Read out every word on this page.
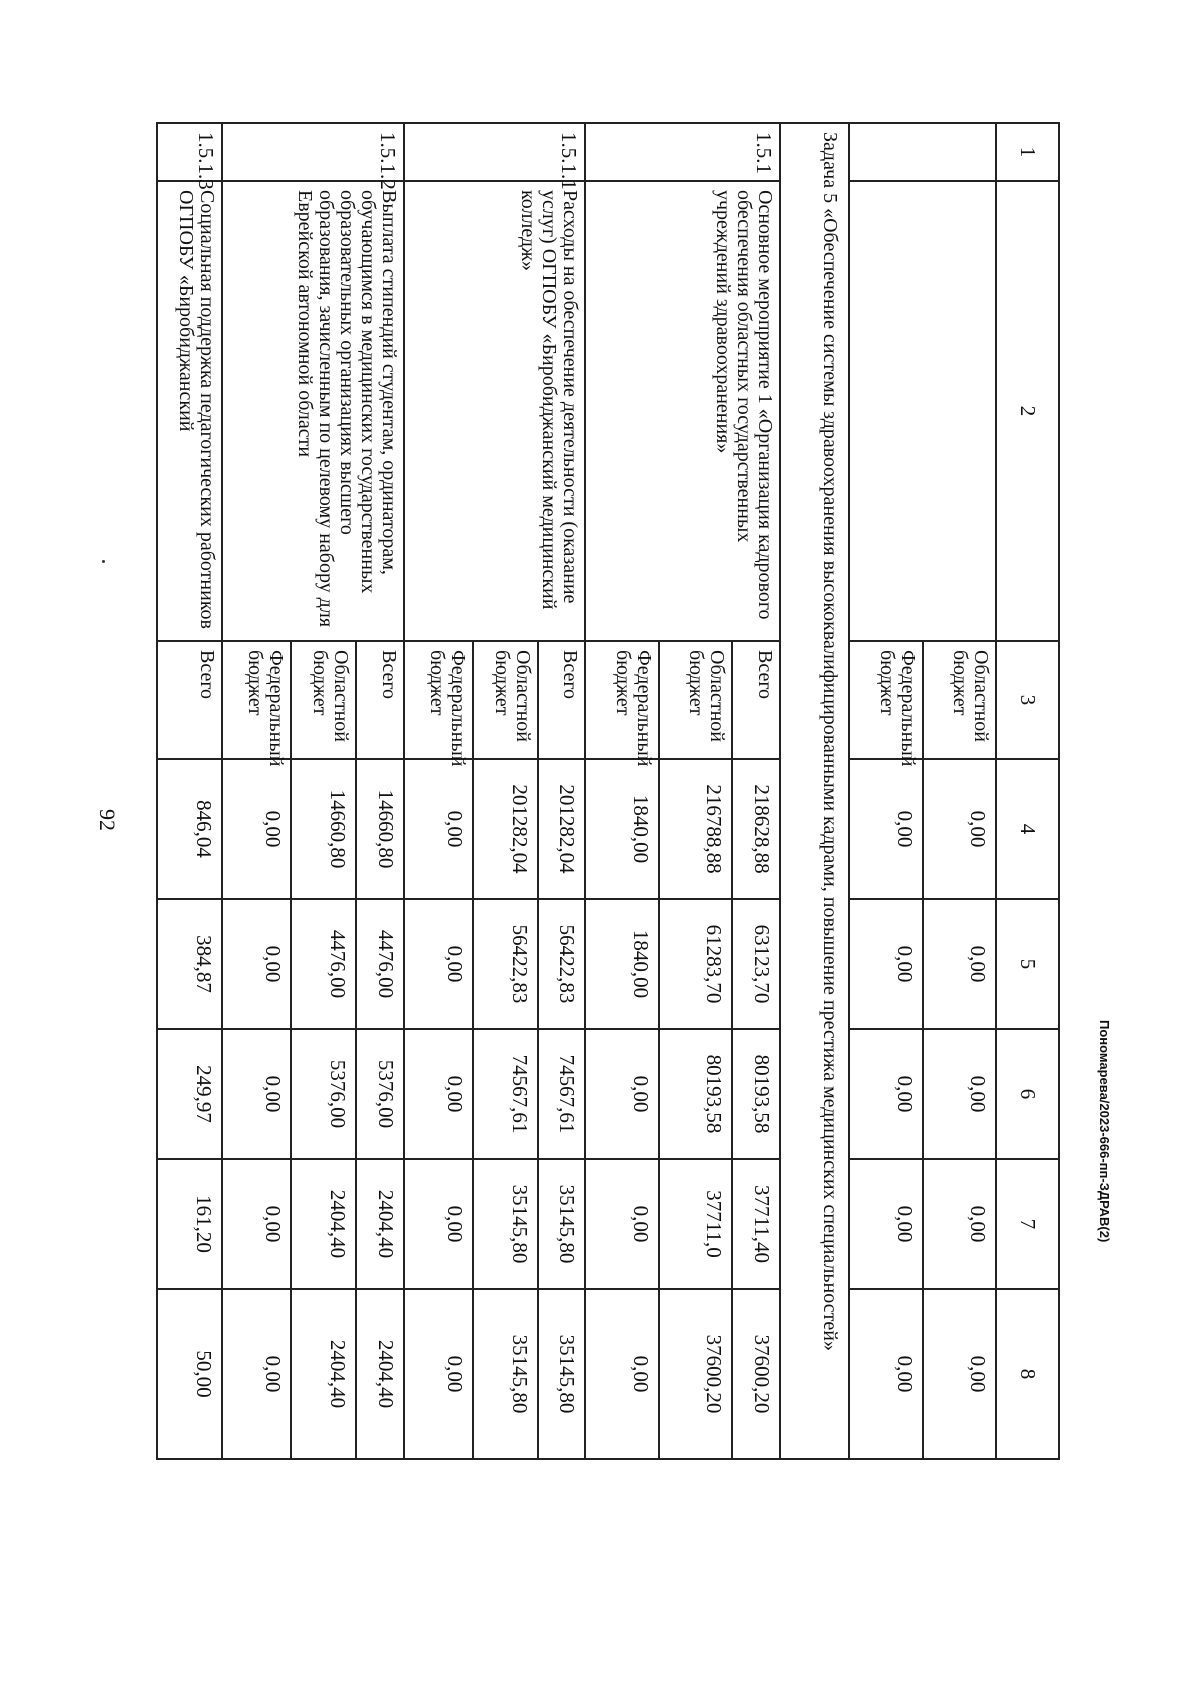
92
1	2	3	4	5	6	7	8
		Областной бюджет	0,00	0,00	0,00	0,00	0,00
		Федеральный бюджет	0,00	0,00	0,00	0,00	0,00
Задача 5 «Обеспечение системы здравоохранения высококвалифицированными кадрами, повышение престижа медицинских специальностей»							
1.5.1	Основное мероприятие 1 «Организация кадрового обеспечения областных государственных учреждений здравоохранения»	Всего	218628,88	63123,70	80193,58	37711,40	37600,20
		Областной бюджет	216788,88	61283,70	80193,58	37711,0	37600,20
		Федеральный бюджет	1840,00	1840,00	0,00	0,00	0,00
1.5.1.1	Расходы на обеспечение деятельности (оказание услуг) ОГПОБУ «Биробиджанский медицинский колледж»	Всего	201282,04	56422,83	74567,61	35145,80	35145,80
		Областной бюджет	201282,04	56422,83	74567,61	35145,80	35145,80
		Федеральный бюджет	0,00	0,00	0,00	0,00	0,00
1.5.1.2	Выплата стипендий студентам, ординаторам, обучающимся в медицинских государственных образовательных организациях высшего образования, зачисленным по целевому набору для Еврейской автономной области	Всего	14660,80	4476,00	5376,00	2404,40	2404,40
		Областной бюджет	14660,80	4476,00	5376,00	2404,40	2404,40
		Федеральный бюджет	0,00	0,00	0,00	0,00	0,00
1.5.1.3	Социальная поддержка педагогических работников ОГПОБУ «Биробиджанский	Всего	846,04	384,87	249,97	161,20	50,00
Пономарева/2023-666-пп-ЗДРАВ(2)
